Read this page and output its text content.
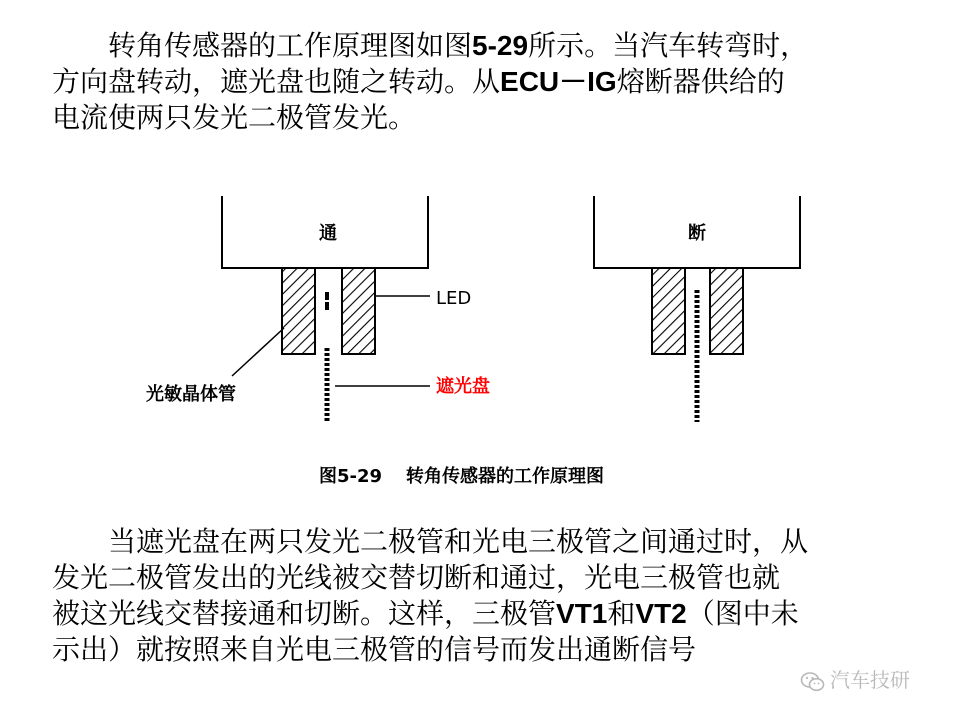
转角传感器的工作原理图如图5-29所示。当汽车转弯时，
方向盘转动，遮光盘也随之转动。从ECU－IG熔断器供给的
电流使两只发光二极管发光。
通
LED
光敏晶体管	遮光盘
断
图5-29 转角传感器的工作原理图
当遮光盘在两只发光二极管和光电三极管之间通过时，从
发光二极管发出的光线被交替切断和通过，光电三极管也就
被这光线交替接通和切断。这样，三极管VT1和VT2（图中未
示出）就按照来自光电三极管的信号而发出通断信号
汽车技研
